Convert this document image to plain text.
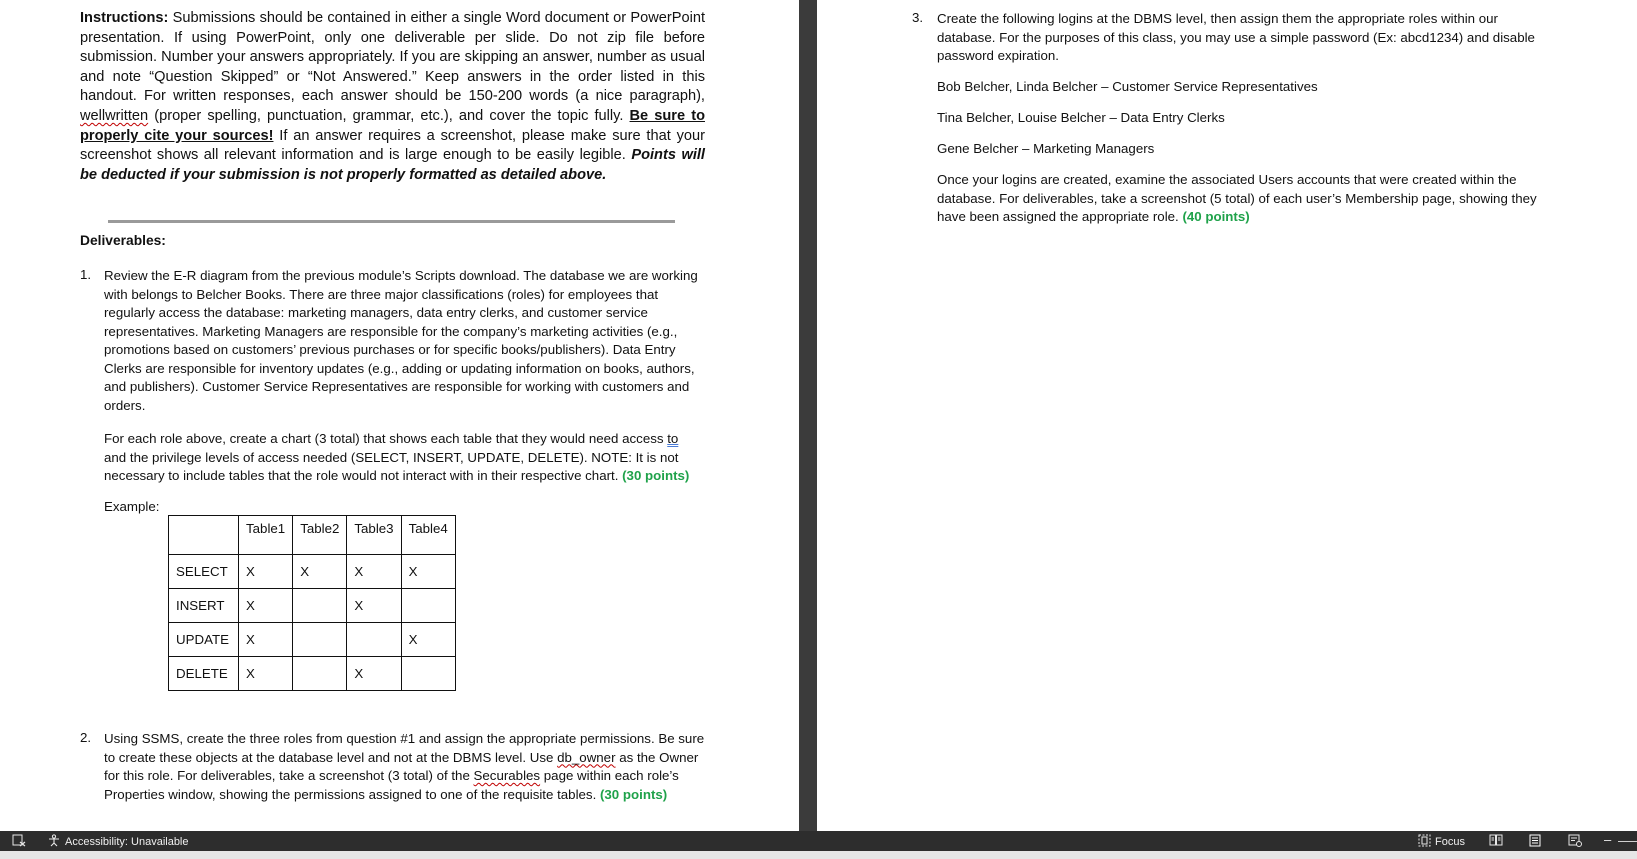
Instructions: Submissions should be contained in either a single Word document or PowerPoint presentation. If using PowerPoint, only one deliverable per slide. Do not zip file before submission. Number your answers appropriately. If you are skipping an answer, number as usual and note “Question Skipped” or “Not Answered.” Keep answers in the order listed in this handout. For written responses, each answer should be 150-200 words (a nice paragraph), wellwritten (proper spelling, punctuation, grammar, etc.), and cover the topic fully. Be sure to properly cite your sources! If an answer requires a screenshot, please make sure that your screenshot shows all relevant information and is large enough to be easily legible. Points will be deducted if your submission is not properly formatted as detailed above.
Deliverables:
1. Review the E-R diagram from the previous module’s Scripts download. The database we are working with belongs to Belcher Books. There are three major classifications (roles) for employees that regularly access the database: marketing managers, data entry clerks, and customer service representatives. Marketing Managers are responsible for the company’s marketing activities (e.g., promotions based on customers’ previous purchases or for specific books/publishers). Data Entry Clerks are responsible for inventory updates (e.g., adding or updating information on books, authors, and publishers). Customer Service Representatives are responsible for working with customers and orders.
For each role above, create a chart (3 total) that shows each table that they would need access to and the privilege levels of access needed (SELECT, INSERT, UPDATE, DELETE). NOTE: It is not necessary to include tables that the role would not interact with in their respective chart. (30 points)
Example:
	Table1	Table2	Table3	Table4
SELECT	X	X	X	X
INSERT	X		X	
UPDATE	X			X
DELETE	X		X	
2. Using SSMS, create the three roles from question #1 and assign the appropriate permissions. Be sure to create these objects at the database level and not at the DBMS level. Use db_owner as the Owner for this role. For deliverables, take a screenshot (3 total) of the Securables page within each role’s Properties window, showing the permissions assigned to one of the requisite tables. (30 points)
3. Create the following logins at the DBMS level, then assign them the appropriate roles within our database. For the purposes of this class, you may use a simple password (Ex: abcd1234) and disable password expiration.
Bob Belcher, Linda Belcher – Customer Service Representatives
Tina Belcher, Louise Belcher – Data Entry Clerks
Gene Belcher – Marketing Managers
Once your logins are created, examine the associated Users accounts that were created within the database. For deliverables, take a screenshot (5 total) of each user’s Membership page, showing they have been assigned the appropriate role. (40 points)
Accessibility: Unavailable	Focus	–
